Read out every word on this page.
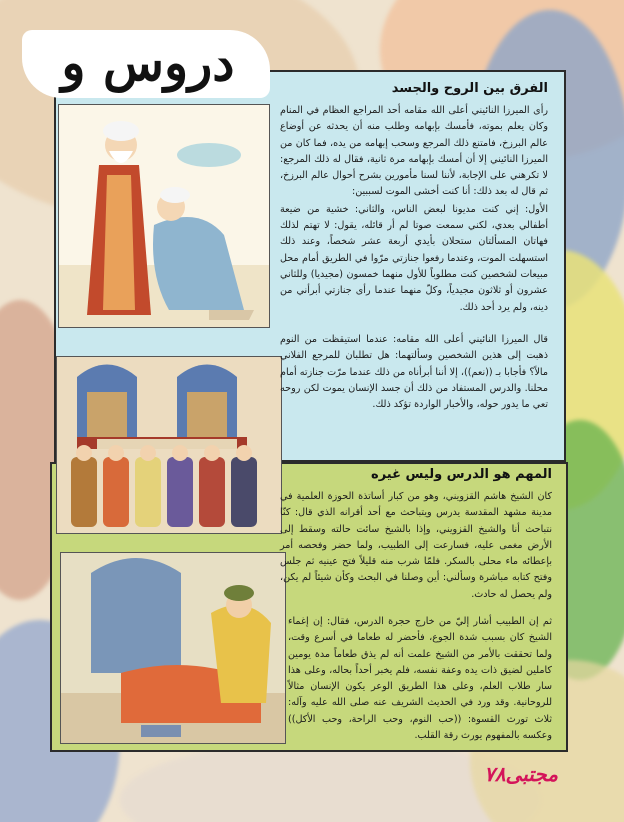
دروس و	الفرق بين الروح والجسد

رأى الميرزا النائيني أعلى الله مقامه أحد المراجع العظام في المنام وكان يعلم بموته، فأمسك بإبهامه وطلب منه أن يحدثه عن أوضاع عالم البرزخ، فامتنع ذلك المرجع وسحب إبهامه من يده، فما كان من الميرزا النائيني إلا أن أمسك بإبهامه مرة ثانية، فقال له ذلك المرجع: لا تكرهني على الإجابة، لأننا لسنا مأمورين بشرح أحوال عالم البرزخ، ثم قال له بعد ذلك: أنا كنت أخشى الموت لسببين:

الأول: إني كنت مديونا لبعض الناس، والثاني: خشية من ضيعة أطفالي بعدي، لكني سمعت صوتا لم أر قائله، يقول: لا تهتم لذلك فهاتان المسألتان ستحلان بأيدي أربعة عشر شخصاً، وعند ذلك استسهلت الموت، وعندما رفعوا جنازتي مرّوا في الطريق أمام محل مبيعات لشخصين كنت مطلوباً للأول منهما خمسون (مجيديا) وللثاني عشرون أو ثلاثون مجيدياً، وكلّ منهما عندما رأى جنازتي أبرأني من دينه، ولم يرد أحد ذلك.

قال الميرزا النائيني أعلى الله مقامه: عندما استيقظت من النوم ذهبت إلى هذين الشخصين وسألتهما: هل تطلبان للمرجع الفلاني مالاً؟ فأجابا بـ ((نعم))، إلا أننا أبرأناه من ذلك عندما مرّت جنازته أمام محلنا. والدرس المستفاد من ذلك أن جسد الإنسان يموت لكن روحه تعي ما يدور حوله، والأخبار الواردة تؤكد ذلك.

المهم هو الدرس وليس غيره

كان الشيخ هاشم القزويني، وهو من كبار أساتذة الحوزة العلمية في مدينة مشهد المقدسة يدرس ويتباحث مع أحد أقرانه الذي قال: كنّا نتباحث أنا والشيخ القزويني، وإذا بالشيخ سائت حالته وسقط إلى الأرض مغمى عليه، فسارعت إلى الطبيب، ولما حضر وفحصه أمر بإعطائه ماء محلى بالسكر. فلمّا شرب منه قليلاً فتح عينيه ثم جلس وفتح كتابه مباشرة وسألني: أين وصلنا في البحث وكأن شيئاً لم يكن، ولم يحصل له حادث.

ثم إن الطبيب أشار إليّ من خارج حجرة الدرس، فقال: إن إغماء الشيخ كان بسبب شدة الجوع، فأحضر له طعاما في أسرع وقت، ولما تحققت بالأمر من الشيخ علمت أنه لم يذق طعاماً مدة يومين كاملين لضيق ذات يده وعفة نفسه، فلم يخبر أحداً بحاله، وعلى هذا سار طلاب العلم، وعلى هذا الطريق الوعر يكون الإنسان مثالاً للروحانية. وقد ورد في الحديث الشريف عنه صلى الله عليه وآله: ثلاث تورث القسوة: ((حب النوم، وحب الراحة، وحب الأكل)) وعكسه بالمفهوم يورث رقة القلب.

مجتبى٧٨
